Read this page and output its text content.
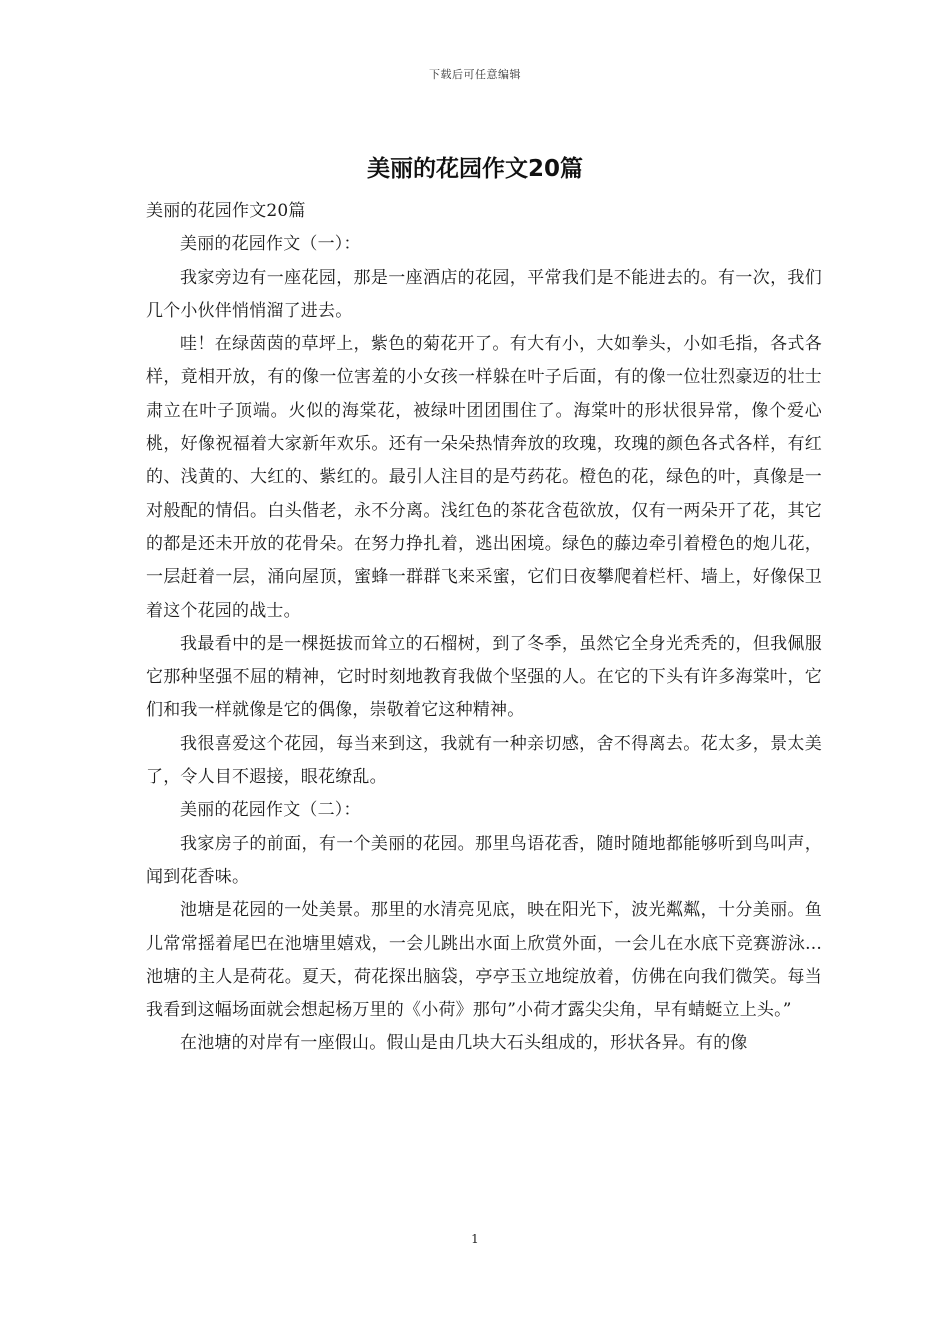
下载后可任意编辑
美丽的花园作文20篇

美丽的花园作文20篇

美丽的花园作文（一）：

我家旁边有一座花园，那是一座酒店的花园，平常我们是不能进去的。有一次，我们几个小伙伴悄悄溜了进去。

哇！在绿茵茵的草坪上，紫色的菊花开了。有大有小，大如拳头，小如毛指，各式各样，竟相开放，有的像一位害羞的小女孩一样躲在叶子后面，有的像一位壮烈豪迈的壮士肃立在叶子顶端。火似的海棠花，被绿叶团团围住了。海棠叶的形状很异常，像个爱心桃，好像祝福着大家新年欢乐。还有一朵朵热情奔放的玫瑰，玫瑰的颜色各式各样，有红的、浅黄的、大红的、紫红的。最引人注目的是芍药花。橙色的花，绿色的叶，真像是一对般配的情侣。白头偕老，永不分离。浅红色的茶花含苞欲放，仅有一两朵开了花，其它的都是还未开放的花骨朵。在努力挣扎着，逃出困境。绿色的藤边牵引着橙色的炮儿花，一层赶着一层，涌向屋顶，蜜蜂一群群飞来采蜜，它们日夜攀爬着栏杆、墙上，好像保卫着这个花园的战士。

我最看中的是一棵挺拔而耸立的石榴树，到了冬季，虽然它全身光秃秃的，但我佩服它那种坚强不屈的精神，它时时刻地教育我做个坚强的人。在它的下头有许多海棠叶，它们和我一样就像是它的偶像，崇敬着它这种精神。

我很喜爱这个花园，每当来到这，我就有一种亲切感，舍不得离去。花太多，景太美了，令人目不遐接，眼花缭乱。

美丽的花园作文（二）：

我家房子的前面，有一个美丽的花园。那里鸟语花香，随时随地都能够听到鸟叫声，闻到花香味。

池塘是花园的一处美景。那里的水清亮见底，映在阳光下，波光粼粼，十分美丽。鱼儿常常摇着尾巴在池塘里嬉戏，一会儿跳出水面上欣赏外面，一会儿在水底下竞赛游泳...池塘的主人是荷花。夏天，荷花探出脑袋，亭亭玉立地绽放着，仿佛在向我们微笑。每当我看到这幅场面就会想起杨万里的《小荷》那句”小荷才露尖尖角，早有蜻蜓立上头。”

在池塘的对岸有一座假山。假山是由几块大石头组成的，形状各异。有的像

1
